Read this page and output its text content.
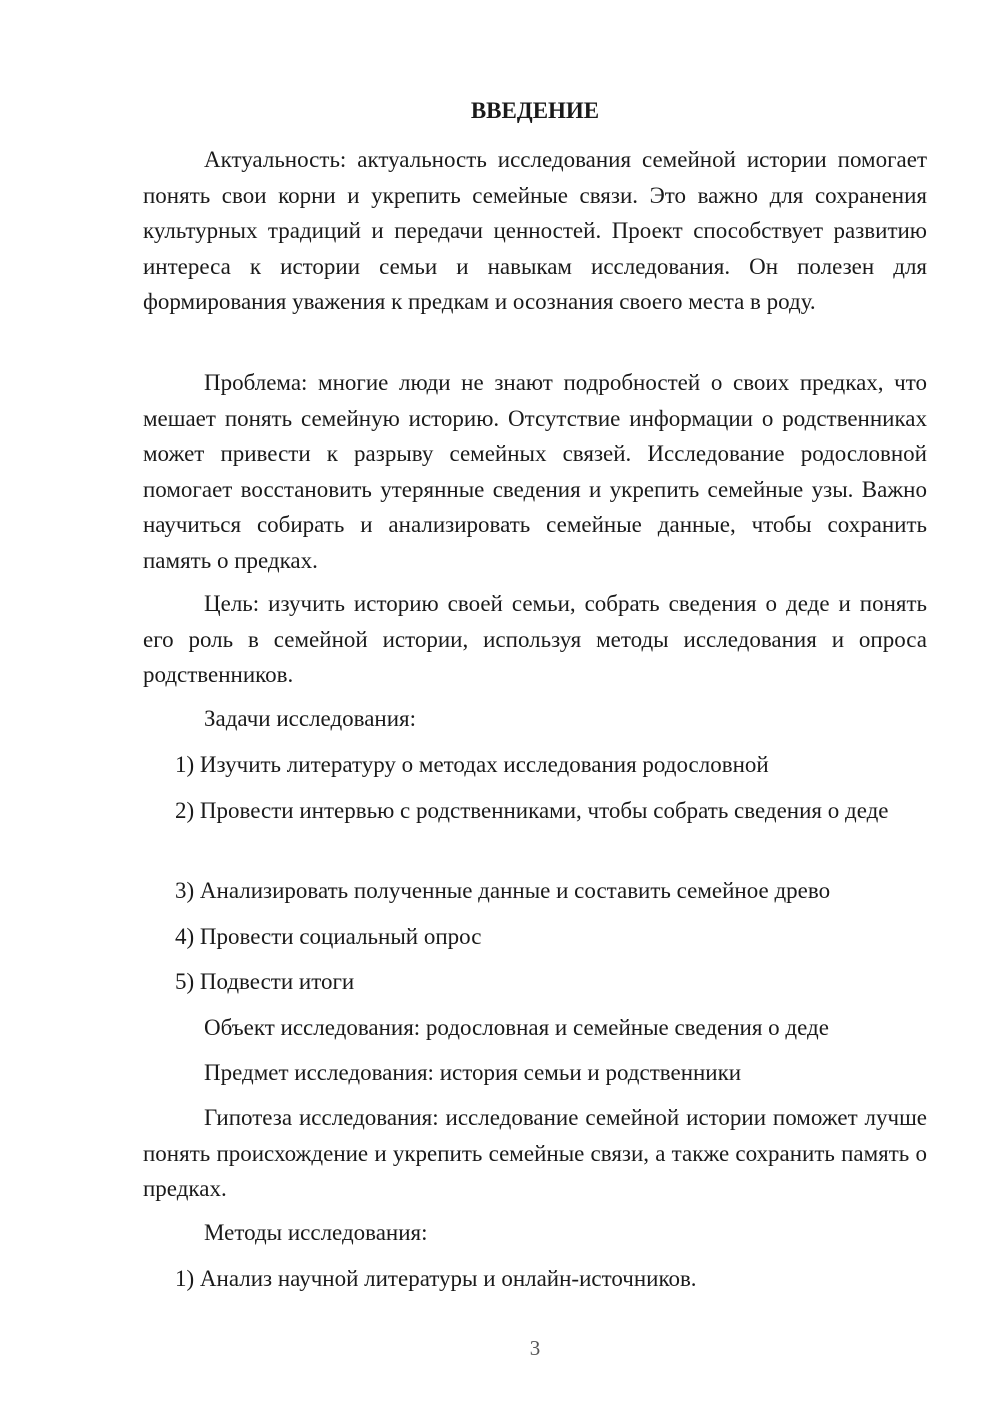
ВВЕДЕНИЕ

Актуальность: актуальность исследования семейной истории помогает понять свои корни и укрепить семейные связи. Это важно для сохранения культурных традиций и передачи ценностей. Проект способствует развитию интереса к истории семьи и навыкам исследования. Он полезен для формирования уважения к предкам и осознания своего места в роду.

Проблема: многие люди не знают подробностей о своих предках, что мешает понять семейную историю. Отсутствие информации о родственниках может привести к разрыву семейных связей. Исследование родословной помогает восстановить утерянные сведения и укрепить семейные узы. Важно научиться собирать и анализировать семейные данные, чтобы сохранить память о предках.

Цель: изучить историю своей семьи, собрать сведения о деде и понять его роль в семейной истории, используя методы исследования и опроса родственников.

Задачи исследования:

1) Изучить литературу о методах исследования родословной

2) Провести интервью с родственниками, чтобы собрать сведения о деде

3) Анализировать полученные данные и составить семейное древо

4) Провести социальный опрос

5) Подвести итоги

Объект исследования: родословная и семейные сведения о деде

Предмет исследования: история семьи и родственники

Гипотеза исследования: исследование семейной истории поможет лучше понять происхождение и укрепить семейные связи, а также сохранить память о предках.

Методы исследования:

1) Анализ научной литературы и онлайн-источников.

3
